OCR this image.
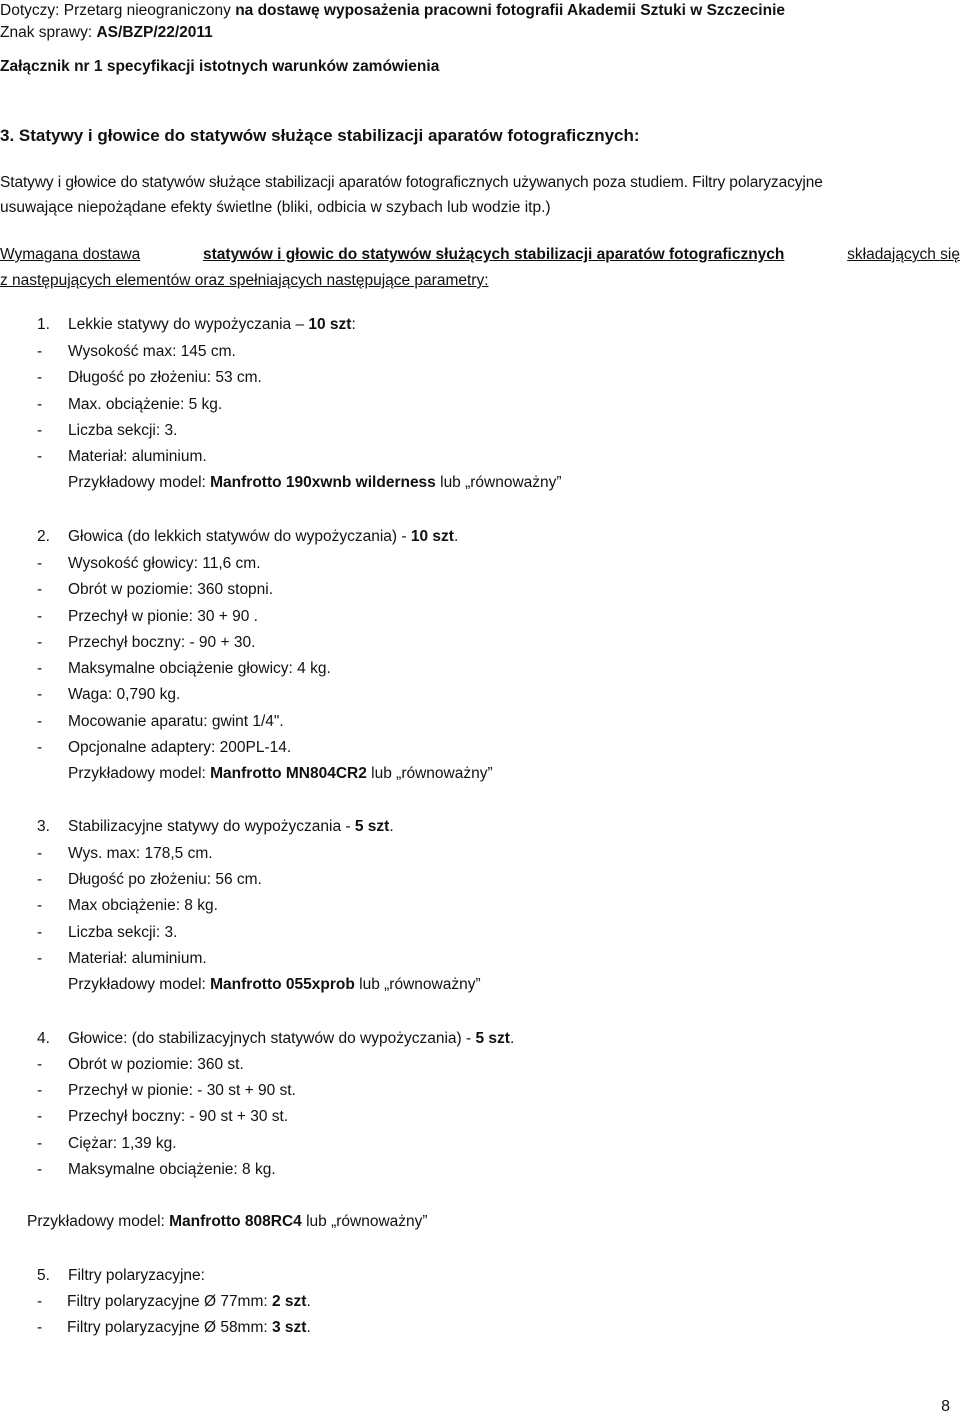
Dotyczy: Przetarg nieograniczony na dostawę wyposażenia pracowni fotografii Akademii Sztuki w Szczecinie
Znak sprawy: AS/BZP/22/2011
Załącznik nr 1 specyfikacji istotnych warunków zamówienia
3. Statywy i głowice do statywów służące stabilizacji aparatów fotograficznych:
Statywy i głowice do statywów służące stabilizacji aparatów fotograficznych używanych poza studiem. Filtry polaryzacyjne
usuwające niepożądane efekty świetlne (bliki, odbicia w szybach lub wodzie itp.)
Wymagana dostawa	statywów i głowic do statywów służących stabilizacji aparatów fotograficznych	składających się
z następujących elementów oraz spełniających następujące parametry:
1. Lekkie statywy do wypożyczania – 10 szt:
- Wysokość max: 145 cm.
- Długość po złożeniu: 53 cm.
- Max. obciążenie: 5 kg.
- Liczba sekcji: 3.
- Materiał: aluminium.
Przykładowy model: Manfrotto 190xwnb wilderness lub „równoważny”
2. Głowica (do lekkich statywów do wypożyczania) - 10 szt.
- Wysokość głowicy: 11,6 cm.
- Obrót w poziomie: 360 stopni.
- Przechył w pionie: 30 + 90 .
- Przechył boczny: - 90 + 30.
- Maksymalne obciążenie głowicy: 4 kg.
- Waga: 0,790 kg.
- Mocowanie aparatu: gwint 1/4".
- Opcjonalne adaptery: 200PL-14.
Przykładowy model: Manfrotto MN804CR2 lub „równoważny”
3. Stabilizacyjne statywy do wypożyczania - 5 szt.
- Wys. max: 178,5 cm.
- Długość po złożeniu: 56 cm.
- Max obciążenie: 8 kg.
- Liczba sekcji: 3.
- Materiał: aluminium.
Przykładowy model: Manfrotto 055xprob lub „równoważny”
4. Głowice: (do stabilizacyjnych statywów do wypożyczania) - 5 szt.
- Obrót w poziomie: 360 st.
- Przechył w pionie: - 30 st + 90 st.
- Przechył boczny: - 90 st + 30 st.
- Ciężar: 1,39 kg.
- Maksymalne obciążenie: 8 kg.
Przykładowy model: Manfrotto 808RC4 lub „równoważny”
5. Filtry polaryzacyjne:
- Filtry polaryzacyjne Ø 77mm: 2 szt.
- Filtry polaryzacyjne Ø 58mm: 3 szt.
8
